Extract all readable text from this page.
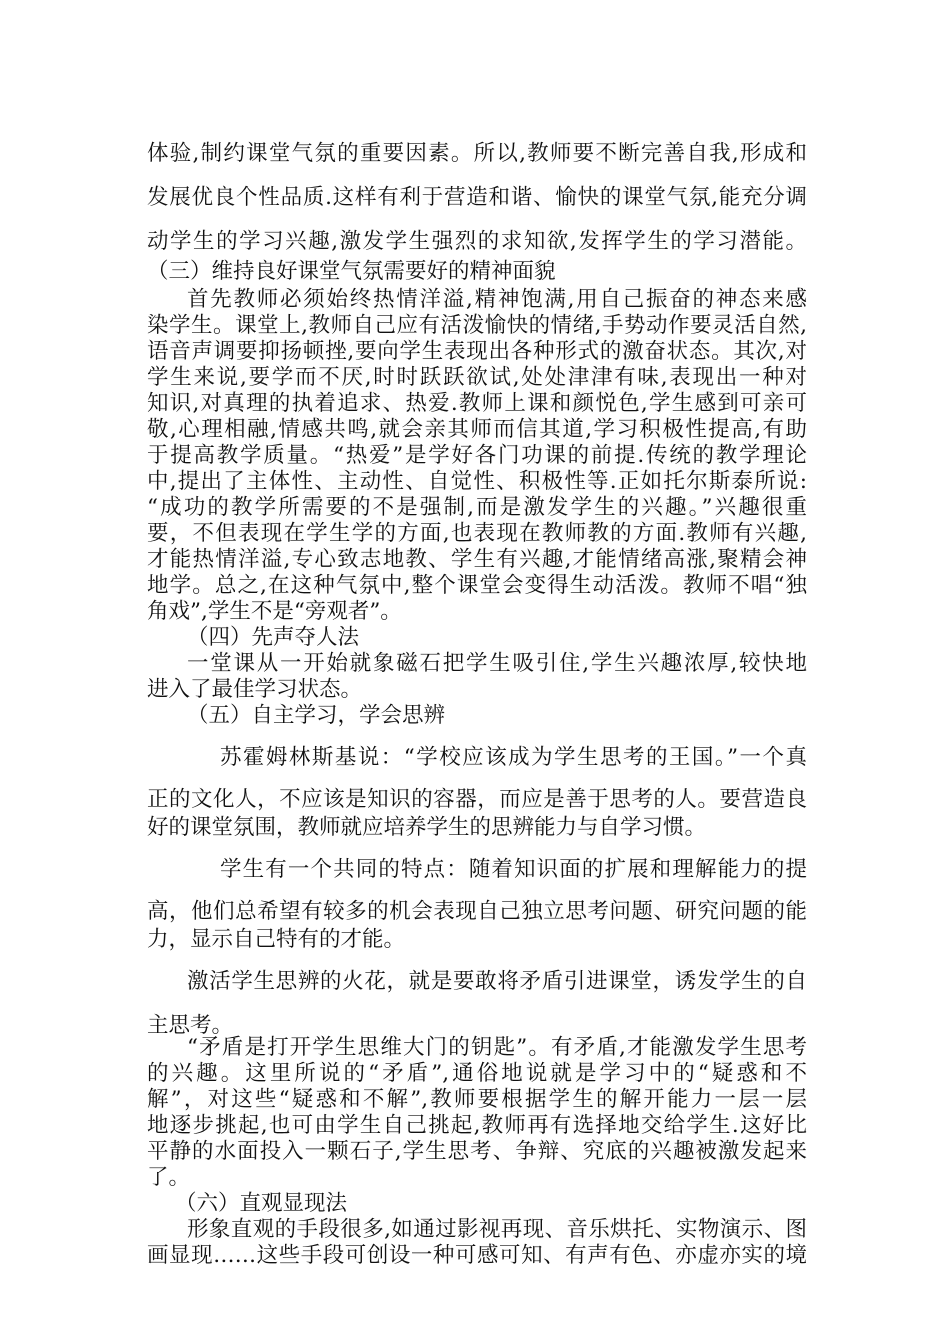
体验,制约课堂气氛的重要因素。所以,教师要不断完善自我,形成和
发展优良个性品质.这样有利于营造和谐、愉快的课堂气氛,能充分调
动学生的学习兴趣,激发学生强烈的求知欲,发挥学生的学习潜能。
（三）维持良好课堂气氛需要好的精神面貌
首先教师必须始终热情洋溢,精神饱满,用自己振奋的神态来感
染学生。课堂上,教师自己应有活泼愉快的情绪,手势动作要灵活自然,
语音声调要抑扬顿挫,要向学生表现出各种形式的激奋状态。其次,对
学生来说,要学而不厌,时时跃跃欲试,处处津津有味,表现出一种对
知识,对真理的执着追求、热爱.教师上课和颜悦色,学生感到可亲可
敬,心理相融,情感共鸣,就会亲其师而信其道,学习积极性提高,有助
于提高教学质量。“热爱”是学好各门功课的前提.传统的教学理论
中,提出了主体性、主动性、自觉性、积极性等.正如托尔斯泰所说:
“成功的教学所需要的不是强制,而是激发学生的兴趣。”兴趣很重
要，不但表现在学生学的方面,也表现在教师教的方面.教师有兴趣,
才能热情洋溢,专心致志地教、学生有兴趣,才能情绪高涨,聚精会神
地学。总之,在这种气氛中,整个课堂会变得生动活泼。教师不唱“独
角戏”,学生不是“旁观者”。
（四）先声夺人法
一堂课从一开始就象磁石把学生吸引住,学生兴趣浓厚,较快地
进入了最佳学习状态。
（五）自主学习，学会思辨
苏霍姆林斯基说：“学校应该成为学生思考的王国。”一个真
正的文化人，不应该是知识的容器，而应是善于思考的人。要营造良
好的课堂氛围，教师就应培养学生的思辨能力与自学习惯。
学生有一个共同的特点：随着知识面的扩展和理解能力的提
高，他们总希望有较多的机会表现自己独立思考问题、研究问题的能
力，显示自己特有的才能。
激活学生思辨的火花，就是要敢将矛盾引进课堂，诱发学生的自
主思考。
“矛盾是打开学生思维大门的钥匙”。有矛盾,才能激发学生思考
的兴趣。这里所说的“矛盾”,通俗地说就是学习中的“疑惑和不
解”，对这些“疑惑和不解”,教师要根据学生的解开能力一层一层
地逐步挑起,也可由学生自己挑起,教师再有选择地交给学生.这好比
平静的水面投入一颗石子,学生思考、争辩、究底的兴趣被激发起来
了。
（六）直观显现法
形象直观的手段很多,如通过影视再现、音乐烘托、实物演示、图
画显现……这些手段可创设一种可感可知、有声有色、亦虚亦实的境
